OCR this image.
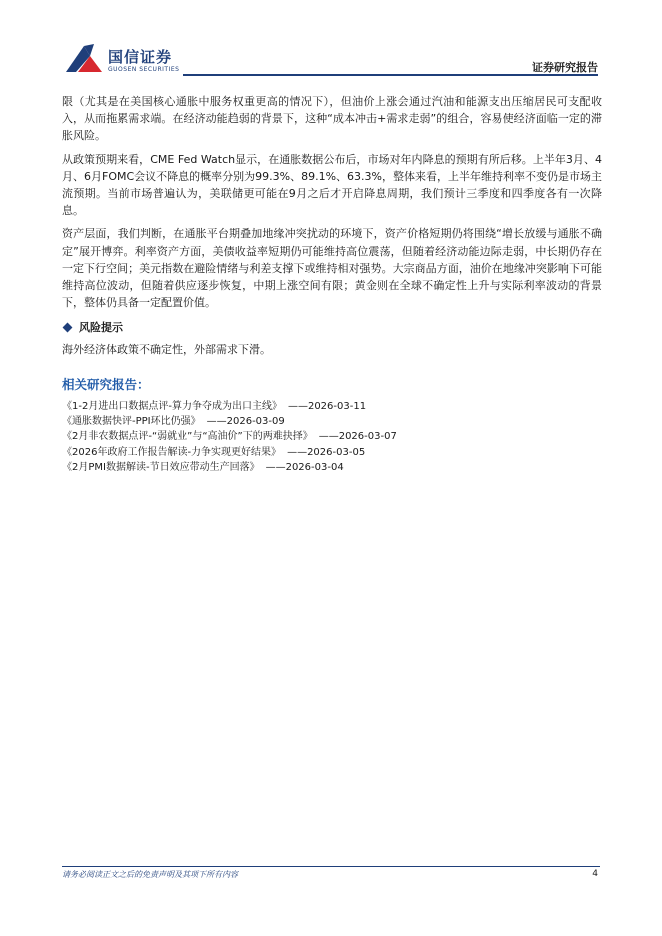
国信证券
GUOSEN SECURITIES	证券研究报告

限（尤其是在美国核心通胀中服务权重更高的情况下），但油价上涨会通过汽油和能源支出压缩居民可支配收入，从而拖累需求端。在经济动能趋弱的背景下，这种“成本冲击+需求走弱”的组合，容易使经济面临一定的滞胀风险。

从政策预期来看，CME Fed Watch显示，在通胀数据公布后，市场对年内降息的预期有所后移。上半年3月、4月、6月FOMC会议不降息的概率分别为99.3%、89.1%、63.3%，整体来看，上半年维持利率不变仍是市场主流预期。当前市场普遍认为，美联储更可能在9月之后才开启降息周期，我们预计三季度和四季度各有一次降息。

资产层面，我们判断，在通胀平台期叠加地缘冲突扰动的环境下，资产价格短期仍将围绕“增长放缓与通胀不确定”展开博弈。利率资产方面，美债收益率短期仍可能维持高位震荡，但随着经济动能边际走弱，中长期仍存在一定下行空间；美元指数在避险情绪与利差支撑下或维持相对强势。大宗商品方面，油价在地缘冲突影响下可能维持高位波动，但随着供应逐步恢复，中期上涨空间有限；黄金则在全球不确定性上升与实际利率波动的背景下，整体仍具备一定配置价值。

风险提示

海外经济体政策不确定性，外部需求下滑。

相关研究报告：
《1-2月进出口数据点评-算力争夺成为出口主线》 ——2026-03-11
《通胀数据快评-PPI环比仍强》 ——2026-03-09
《2月非农数据点评-“弱就业”与“高油价”下的两难抉择》 ——2026-03-07
《2026年政府工作报告解读-力争实现更好结果》 ——2026-03-05
《2月PMI数据解读-节日效应带动生产回落》 ——2026-03-04
请务必阅读正文之后的免责声明及其项下所有内容	4
